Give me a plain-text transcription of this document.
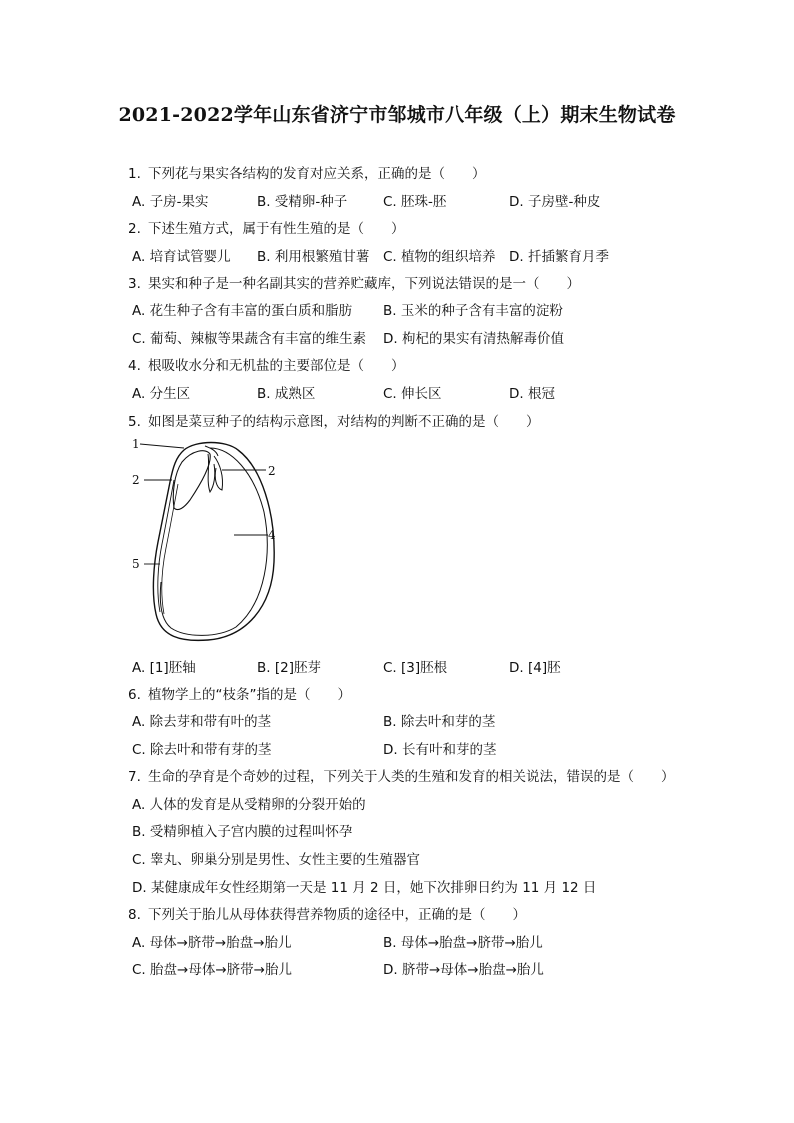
2021-2022学年山东省济宁市邹城市八年级（上）期末生物试卷
1. 下列花与果实各结构的发育对应关系，正确的是（　　）
A. 子房-果实	B. 受精卵-种子	C. 胚珠-胚	D. 子房壁-种皮
2. 下述生殖方式，属于有性生殖的是（　　）
A. 培育试管婴儿 B. 利用根繁殖甘薯 C. 植物的组织培养 D. 扦插繁育月季
3. 果实和种子是一种名副其实的营养贮藏库，下列说法错误的是一（　　）
A. 花生种子含有丰富的蛋白质和脂肪 B. 玉米的种子含有丰富的淀粉
C. 葡萄、辣椒等果蔬含有丰富的维生素 D. 枸杞的果实有清热解毒价值
4. 根吸收水分和无机盐的主要部位是（　　）
A. 分生区	B. 成熟区	C. 伸长区	D. 根冠
5. 如图是菜豆种子的结构示意图，对结构的判断不正确的是（　　）
1
2
2
4
5
A. [1]胚轴	B. [2]胚芽	C. [3]胚根	D. [4]胚
6. 植物学上的“枝条”指的是（　　）
A. 除去芽和带有叶的茎	B. 除去叶和芽的茎
C. 除去叶和带有芽的茎	D. 长有叶和芽的茎
7. 生命的孕育是个奇妙的过程，下列关于人类的生殖和发育的相关说法，错误的是（　　）
A. 人体的发育是从受精卵的分裂开始的
B. 受精卵植入子宫内膜的过程叫怀孕
C. 睾丸、卵巢分别是男性、女性主要的生殖器官
D. 某健康成年女性经期第一天是 11 月 2 日，她下次排卵日约为 11 月 12 日
8. 下列关于胎儿从母体获得营养物质的途径中，正确的是（　　）
A. 母体→脐带→胎盘→胎儿	B. 母体→胎盘→脐带→胎儿
C. 胎盘→母体→脐带→胎儿	D. 脐带→母体→胎盘→胎儿
